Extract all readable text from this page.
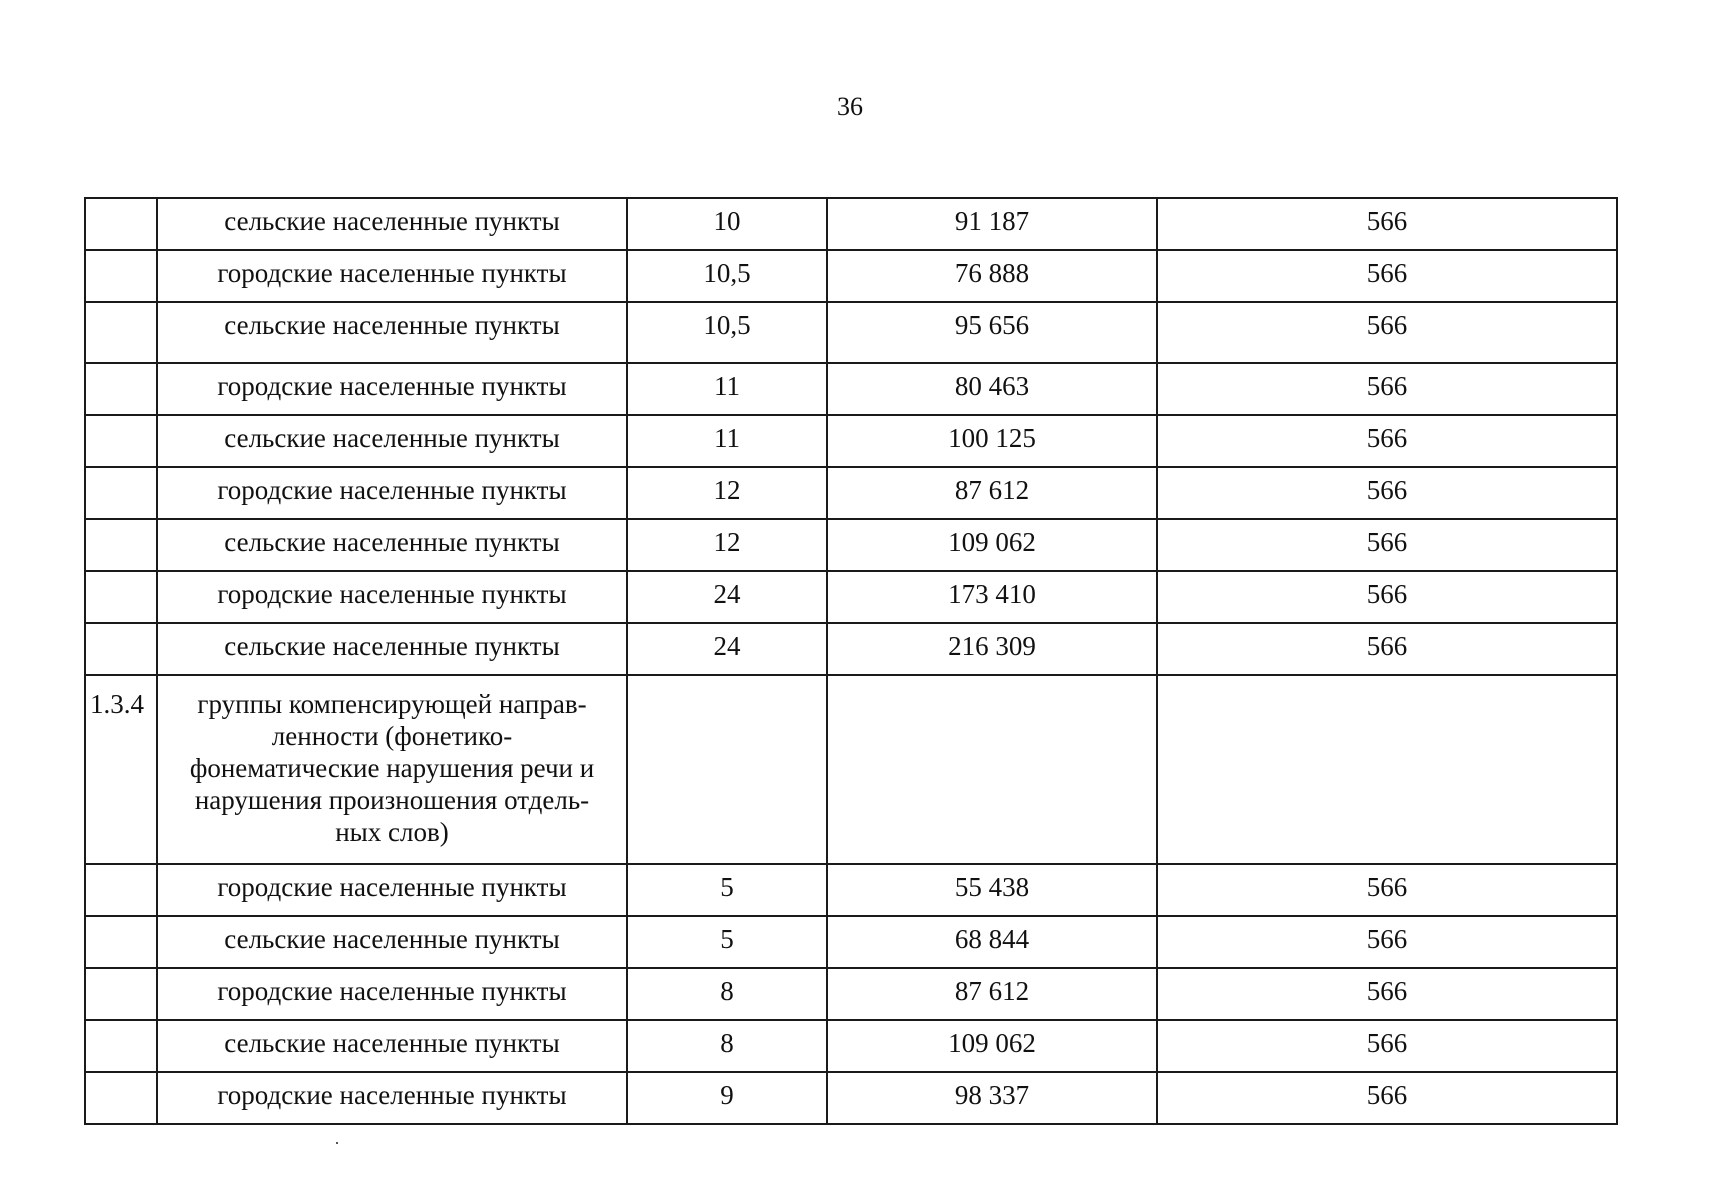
36
	сельские населенные пункты	10	91 187	566
	городские населенные пункты	10,5	76 888	566
	сельские населенные пункты	10,5	95 656	566
	городские населенные пункты	11	80 463	566
	сельские населенные пункты	11	100 125	566
	городские населенные пункты	12	87 612	566
	сельские населенные пункты	12	109 062	566
	городские населенные пункты	24	173 410	566
	сельские населенные пункты	24	216 309	566
1.3.4	группы компенсирующей направ-
ленности (фонетико-
фонематические нарушения речи и
нарушения произношения отдель-
ных слов)			

	городские населенные пункты	5	55 438	566
	сельские населенные пункты	5	68 844	566
	городские населенные пункты	8	87 612	566
	сельские населенные пункты	8	109 062	566
	городские населенные пункты	9	98 337	566
